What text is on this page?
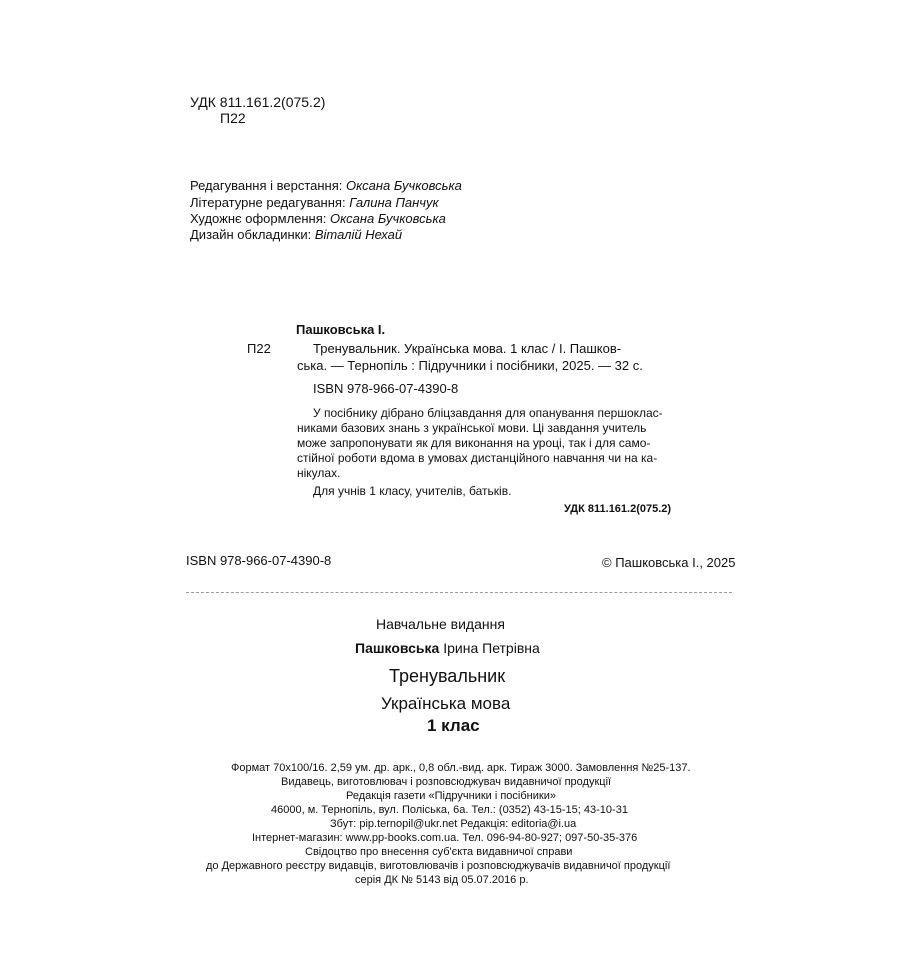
УДК 811.161.2(075.2)
П22
Редагування і верстання: Оксана Бучковська
Літературне редагування: Галина Панчук
Художнє оформлення: Оксана Бучковська
Дизайн обкладинки: Віталій Нехай
Пашковська І.
П22	Тренувальник. Українська мова. 1 клас / І. Пашков-
ська. — Тернопіль : Підручники і посібники, 2025. — 32 с.
ISBN 978-966-07-4390-8
У посібнику дібрано бліцзавдання для опанування першоклас-
никами базових знань з української мови. Ці завдання учитель
може запропонувати як для виконання на уроці, так і для само-
стійної роботи вдома в умовах дистанційного навчання чи на ка-
нікулах.
Для учнів 1 класу, учителів, батьків.
УДК 811.161.2(075.2)
ISBN 978-966-07-4390-8	© Пашковська І., 2025
Навчальне видання
Пашковська Ірина Петрівна
Тренувальник
Українська мова
1 клас
Формат 70x100/16. 2,59 ум. др. арк., 0,8 обл.-вид. арк. Тираж 3000. Замовлення №25-137.
Видавець, виготовлювач і розповсюджувач видавничої продукції
Редакція газети «Підручники і посібники»
46000, м. Тернопіль, вул. Поліська, 6а. Тел.: (0352) 43-15-15; 43-10-31
Збут: pip.ternopil@ukr.net Редакція: editoria@i.ua
Інтернет-магазин: www.pp-books.com.ua. Тел. 096-94-80-927; 097-50-35-376
Свідоцтво про внесення суб'єкта видавничої справи
до Державного реєстру видавців, виготовлювачів і розповсюджувачів видавничої продукції
серія ДК № 5143 від 05.07.2016 р.
